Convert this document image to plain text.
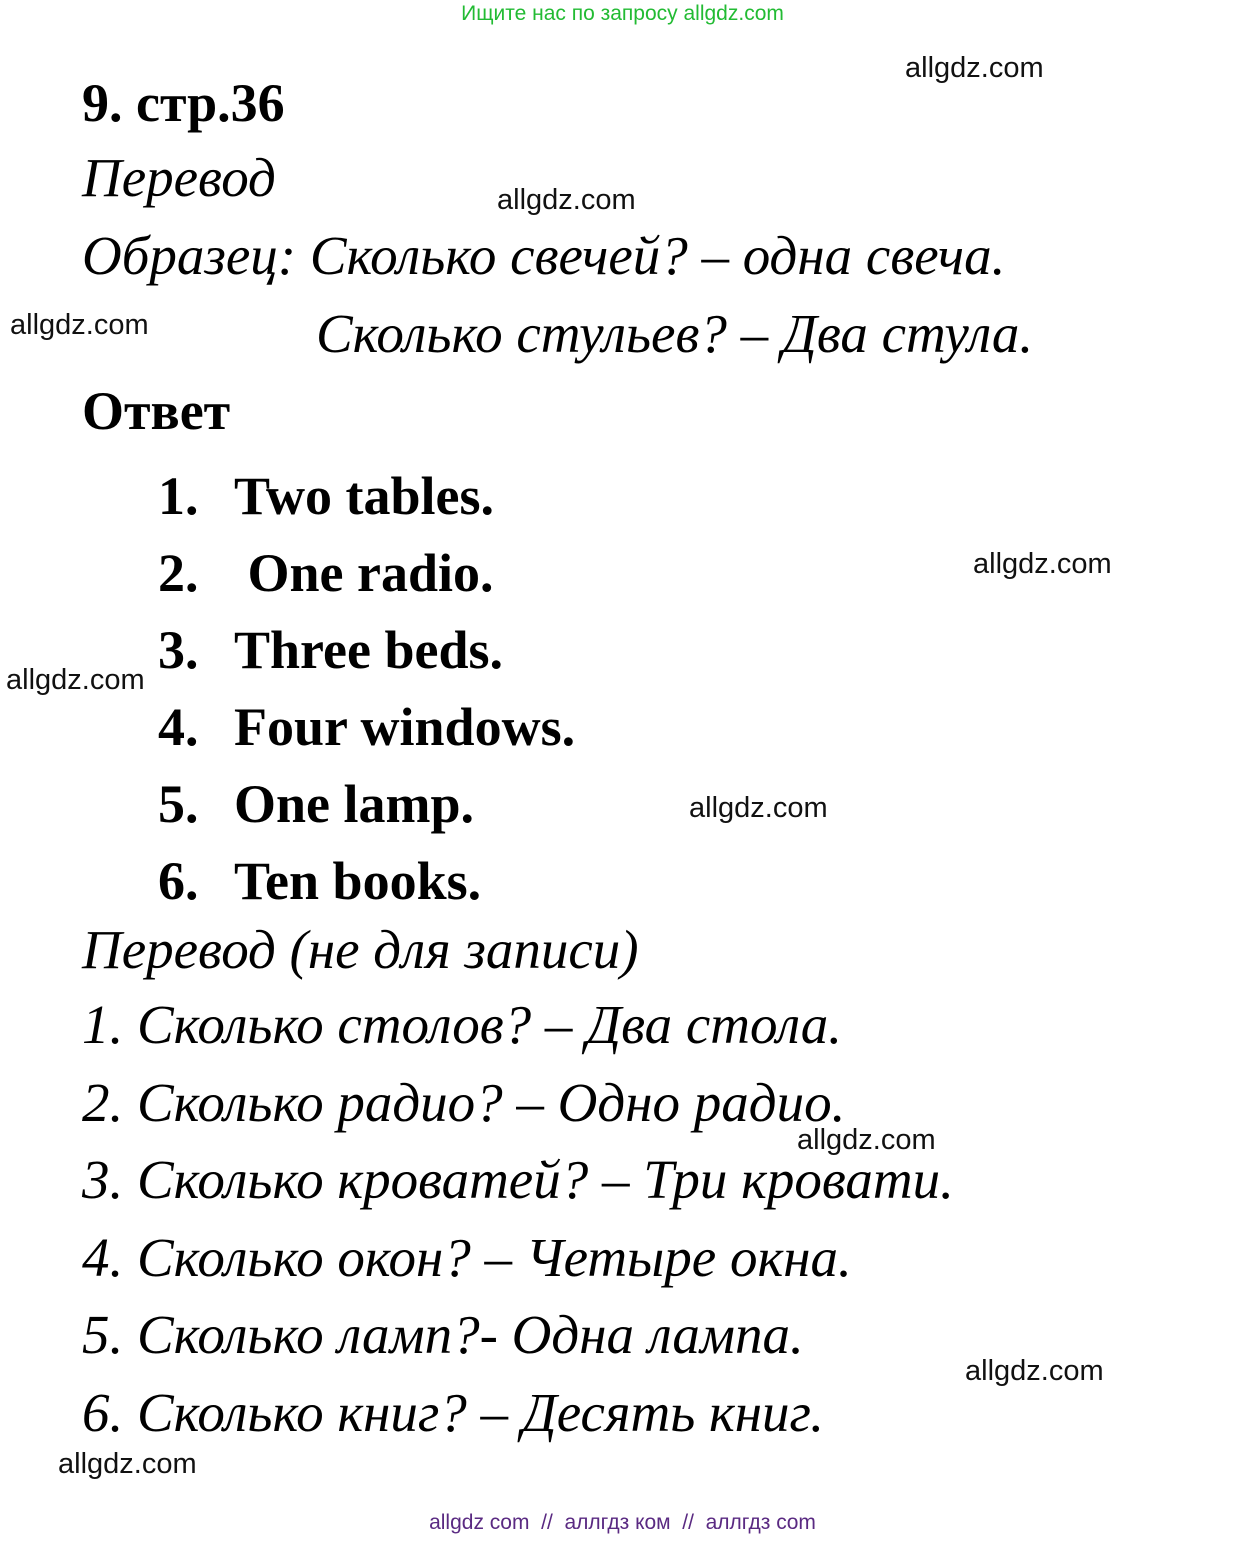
Ищите нас по запросу allgdz.com
9. стр.36
Перевод
Образец: Сколько свечей? – одна свеча.
Сколько стульев? – Два стула.
Ответ
1. Two tables.
2. One radio.
3. Three beds.
4. Four windows.
5. One lamp.
6. Ten books.
Перевод (не для записи)
1. Сколько столов? – Два стола.
2. Сколько радио? – Одно радио.
3. Сколько кроватей? – Три кровати.
4. Сколько окон? – Четыре окна.
5. Сколько ламп?- Одна лампа.
6. Сколько книг? – Десять книг.
allgdz.com
allgdz.com
allgdz.com
allgdz.com
allgdz.com
allgdz.com
allgdz.com
allgdz.com
allgdz.com
allgdz com  //  аллгдз ком  //  аллгдз com
